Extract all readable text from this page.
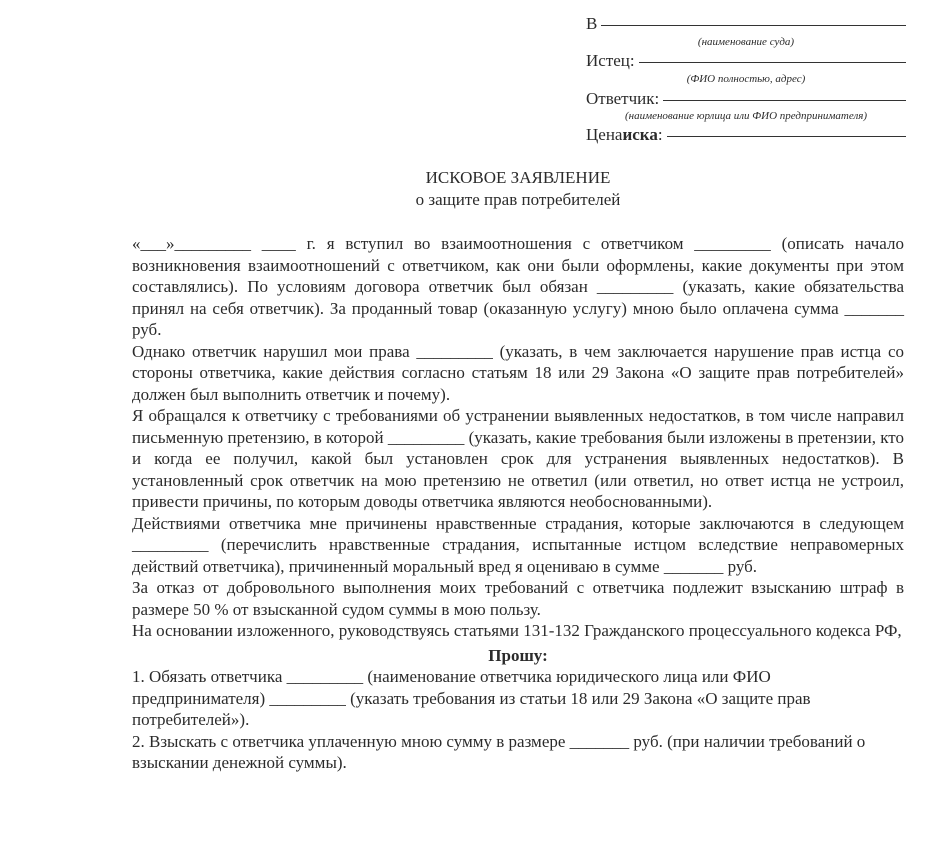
В
(наименование суда)
Истец:
(ФИО полностью, адрес)
Ответчик:
(наименование юрлица или ФИО предпринимателя)
Цена иска :
ИСКОВОЕ ЗАЯВЛЕНИЕ
о защите прав потребителей

«___»_________ ____ г. я вступил во взаимоотношения с ответчиком _________ (описать начало возникновения взаимоотношений с ответчиком, как они были оформлены, какие документы при этом составлялись). По условиям договора ответчик был обязан _________ (указать, какие обязательства принял на себя ответчик). За проданный товар (оказанную услугу) мною было оплачена сумма _______ руб.

Однако ответчик нарушил мои права _________ (указать, в чем заключается нарушение прав истца со стороны ответчика, какие действия согласно статьям 18 или 29 Закона «О защите прав потребителей» должен был выполнить ответчик и почему).

Я обращался к ответчику с требованиями об устранении выявленных недостатков, в том числе направил письменную претензию, в которой _________ (указать, какие требования были изложены в претензии, кто и когда ее получил, какой был установлен срок для устранения выявленных недостатков). В установленный срок ответчик на мою претензию не ответил (или ответил, но ответ истца не устроил, привести причины, по которым доводы ответчика являются необоснованными).

Действиями ответчика мне причинены нравственные страдания, которые заключаются в следующем _________ (перечислить нравственные страдания, испытанные истцом вследствие неправомерных действий ответчика), причиненный моральный вред я оцениваю в сумме _______ руб.

За отказ от добровольного выполнения моих требований с ответчика подлежит взысканию штраф в размере 50 % от взысканной судом суммы в мою пользу.

На основании изложенного, руководствуясь статьями 131-132 Гражданского процессуального кодекса РФ,

Прошу:

1. Обязать ответчика _________ (наименование ответчика юридического лица или ФИО предпринимателя) _________ (указать требования из статьи 18 или 29 Закона «О защите прав потребителей»).

2. Взыскать с ответчика уплаченную мною сумму в размере _______ руб. (при наличии требований о взыскании денежной суммы).
